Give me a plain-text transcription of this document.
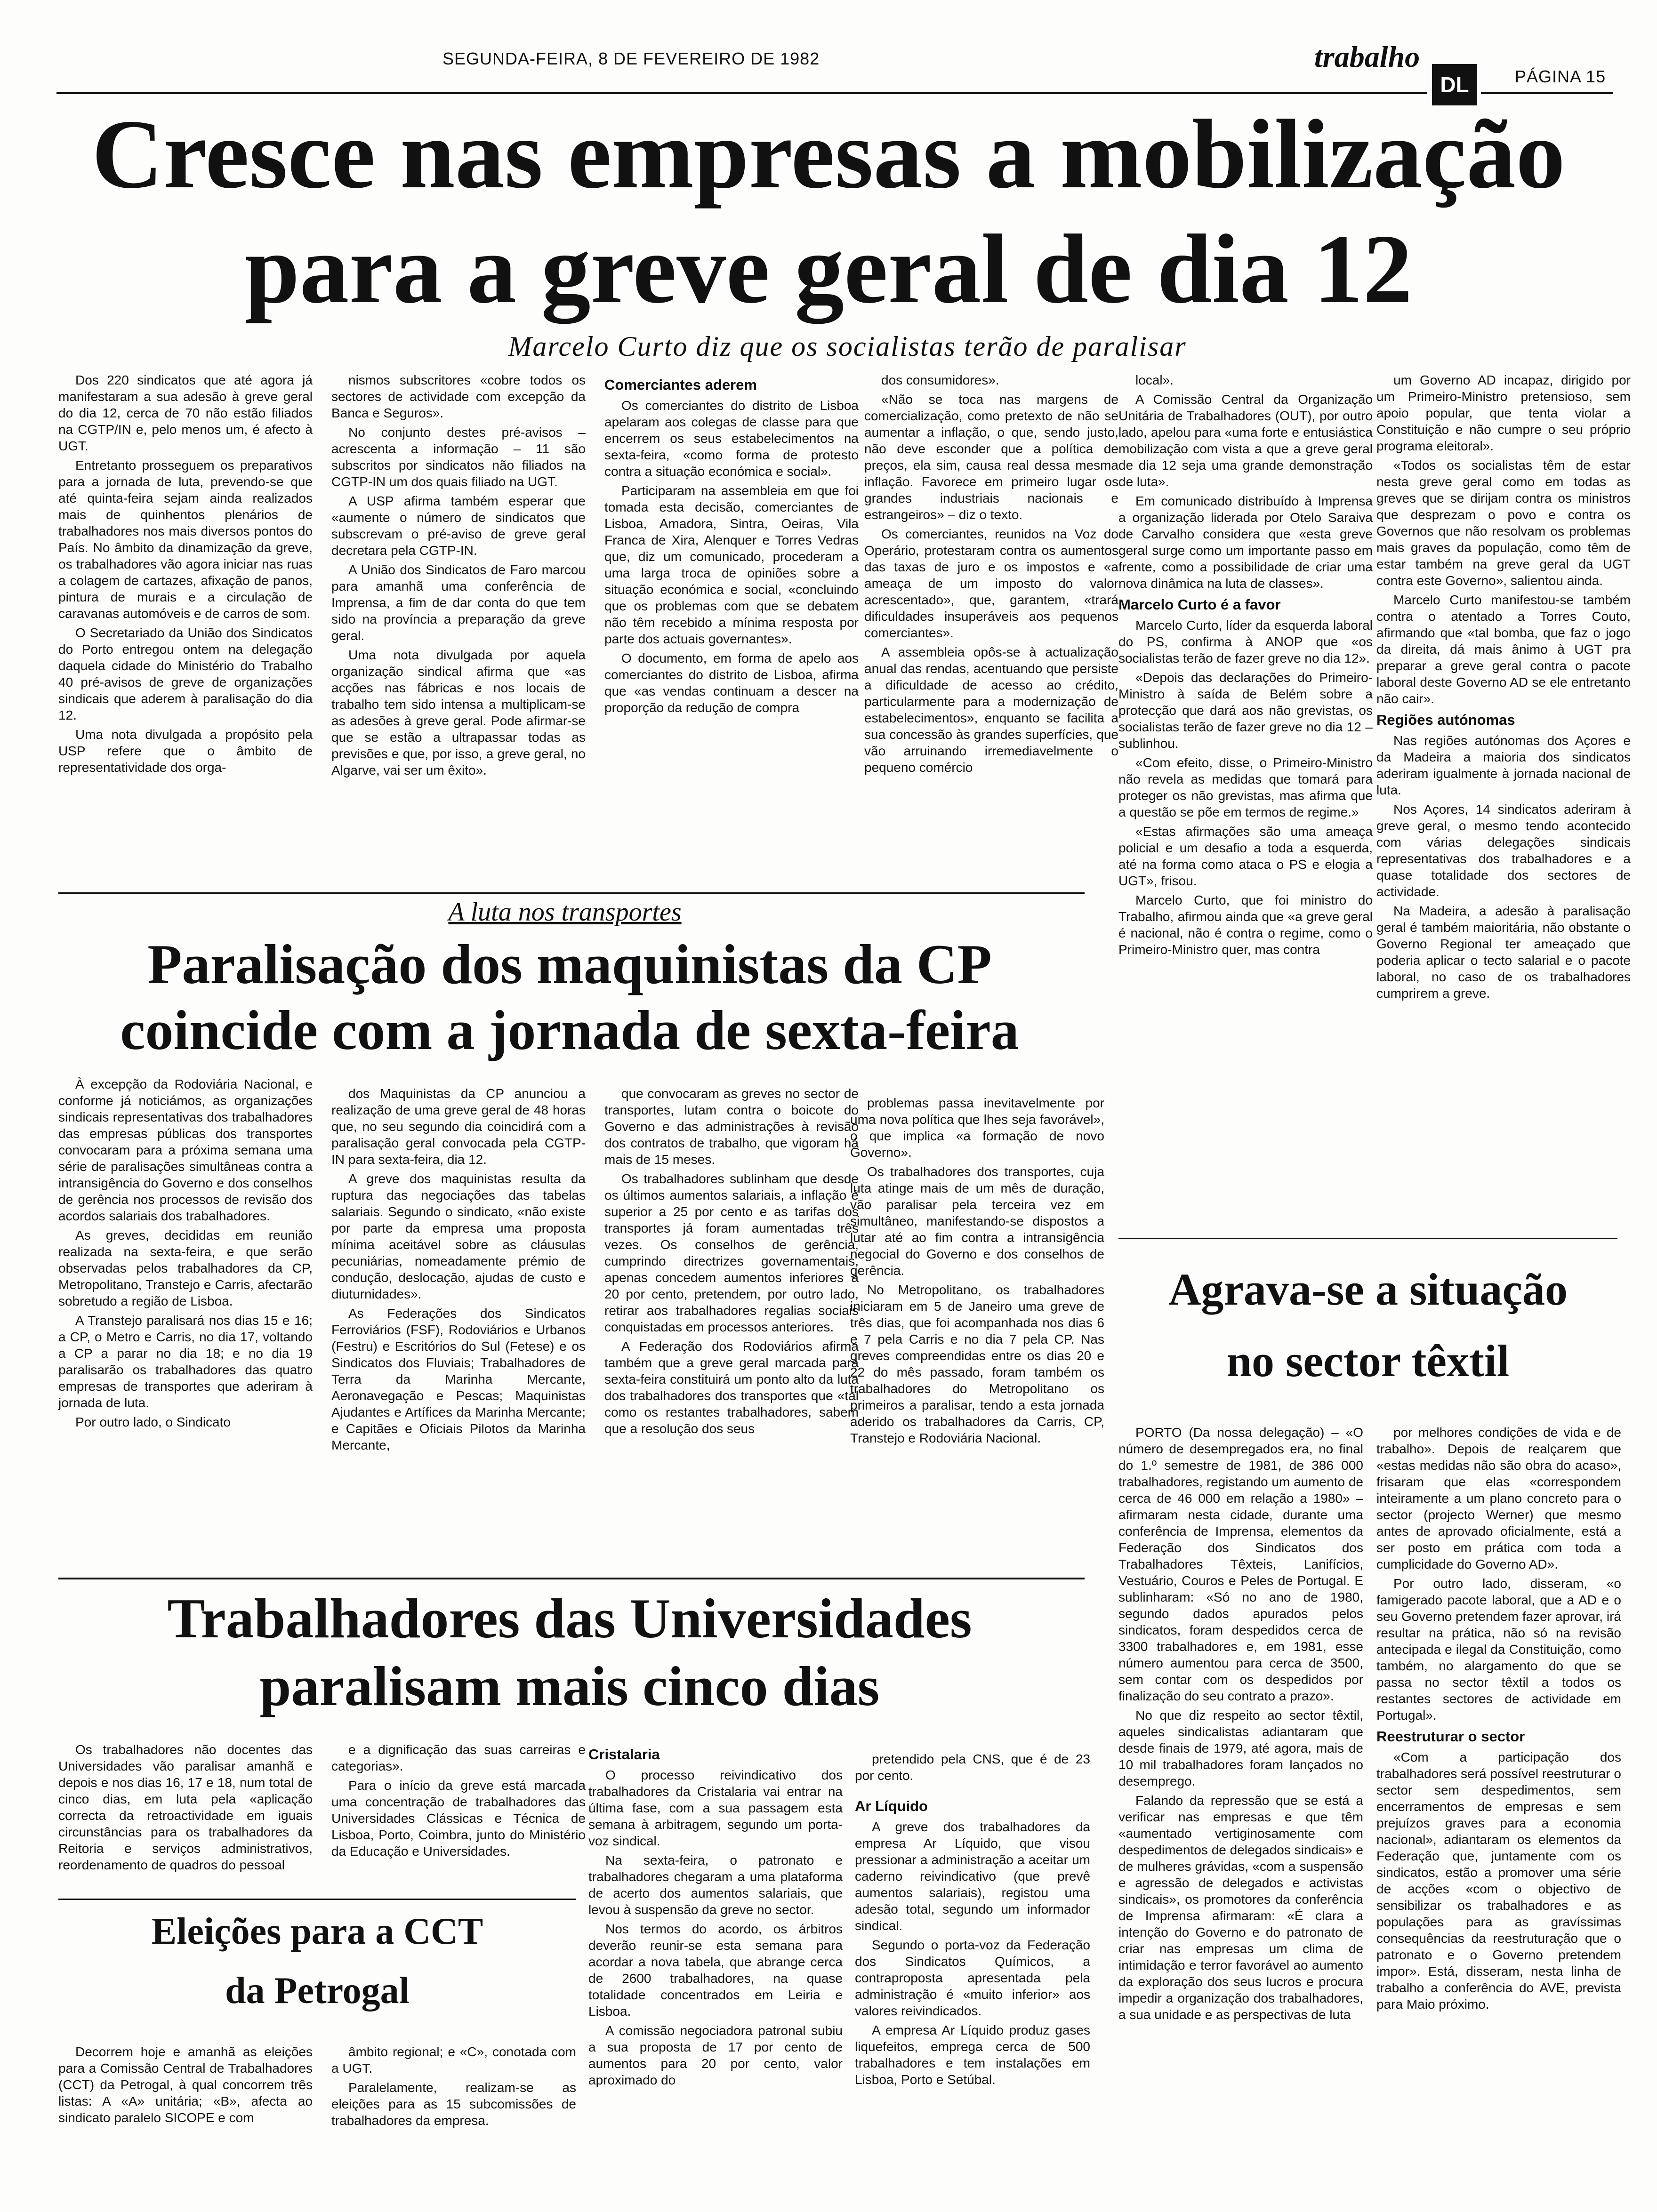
SEGUNDA-FEIRA, 8 DE FEVEREIRO DE 1982	trabalho
DL	PÁGINA 15
Cresce nas empresas a mobilização
para a greve geral de dia 12
Marcelo Curto diz que os socialistas terão de paralisar

Dos 220 sindicatos que até agora já manifestaram a sua adesão à greve geral do dia 12, cerca de 70 não estão filiados na CGTP/IN e, pelo menos um, é afecto à UGT.

Entretanto prosseguem os preparativos para a jornada de luta, prevendo-se que até quinta-feira sejam ainda realizados mais de quinhentos plenários de trabalhadores nos mais diversos pontos do País. No âmbito da dinamização da greve, os trabalhadores vão agora iniciar nas ruas a colagem de cartazes, afixação de panos, pintura de murais e a circulação de caravanas automóveis e de carros de som.

O Secretariado da União dos Sindicatos do Porto entregou ontem na delegação daquela cidade do Ministério do Trabalho 40 pré-avisos de greve de organizações sindicais que aderem à paralisação do dia 12.

Uma nota divulgada a propósito pela USP refere que o âmbito de representatividade dos orga-

nismos subscritores «cobre todos os sectores de actividade com excepção da Banca e Seguros».

No conjunto destes pré-avisos – acrescenta a informação – 11 são subscritos por sindicatos não filiados na CGTP-IN um dos quais filiado na UGT.

A USP afirma também esperar que «aumente o número de sindicatos que subscrevam o pré-aviso de greve geral decretara pela CGTP-IN.

A União dos Sindicatos de Faro marcou para amanhã uma conferência de Imprensa, a fim de dar conta do que tem sido na província a preparação da greve geral.

Uma nota divulgada por aquela organização sindical afirma que «as acções nas fábricas e nos locais de trabalho tem sido intensa a multiplicam-se as adesões à greve geral. Pode afirmar-se que se estão a ultrapassar todas as previsões e que, por isso, a greve geral, no Algarve, vai ser um êxito».

Comerciantes aderem

Os comerciantes do distrito de Lisboa apelaram aos colegas de classe para que encerrem os seus estabelecimentos na sexta-feira, «como forma de protesto contra a situação económica e social».

Participaram na assembleia em que foi tomada esta decisão, comerciantes de Lisboa, Amadora, Sintra, Oeiras, Vila Franca de Xira, Alenquer e Torres Vedras que, diz um comunicado, procederam a uma larga troca de opiniões sobre a situação económica e social, «concluindo que os problemas com que se debatem não têm recebido a mínima resposta por parte dos actuais governantes».

O documento, em forma de apelo aos comerciantes do distrito de Lisboa, afirma que «as vendas continuam a descer na proporção da redução de compra

dos consumidores».

«Não se toca nas margens de comercialização, como pretexto de não se aumentar a inflação, o que, sendo justo, não deve esconder que a política de preços, ela sim, causa real dessa mesma inflação. Favorece em primeiro lugar os grandes industriais nacionais e estrangeiros» – diz o texto.

Os comerciantes, reunidos na Voz do Operário, protestaram contra os aumentos das taxas de juro e os impostos e «a ameaça de um imposto do valor acrescentado», que, garantem, «trará dificuldades insuperáveis aos pequenos comerciantes».

A assembleia opôs-se à actualização anual das rendas, acentuando que persiste a dificuldade de acesso ao crédito, particularmente para a modernização de estabelecimentos», enquanto se facilita a sua concessão às grandes superfícies, que vão arruinando irremediavelmente o pequeno comércio

local».

A Comissão Central da Organização Unitária de Trabalhadores (OUT), por outro lado, apelou para «uma forte e entusiástica mobilização com vista a que a greve geral de dia 12 seja uma grande demonstração de luta».

Em comunicado distribuído à Imprensa a organização liderada por Otelo Saraiva de Carvalho considera que «esta greve geral surge como um importante passo em frente, como a possibilidade de criar uma nova dinâmica na luta de classes».

Marcelo Curto é a favor

Marcelo Curto, líder da esquerda laboral do PS, confirma à ANOP que «os socialistas terão de fazer greve no dia 12».

«Depois das declarações do Primeiro-Ministro à saída de Belém sobre a protecção que dará aos não grevistas, os socialistas terão de fazer greve no dia 12 – sublinhou.

«Com efeito, disse, o Primeiro-Ministro não revela as medidas que tomará para proteger os não grevistas, mas afirma que a questão se põe em termos de regime.»

«Estas afirmações são uma ameaça policial e um desafio a toda a esquerda, até na forma como ataca o PS e elogia a UGT», frisou.

Marcelo Curto, que foi ministro do Trabalho, afirmou ainda que «a greve geral é nacional, não é contra o regime, como o Primeiro-Ministro quer, mas contra

um Governo AD incapaz, dirigido por um Primeiro-Ministro pretensioso, sem apoio popular, que tenta violar a Constituição e não cumpre o seu próprio programa eleitoral».

«Todos os socialistas têm de estar nesta greve geral como em todas as greves que se dirijam contra os ministros que desprezam o povo e contra os Governos que não resolvam os problemas mais graves da população, como têm de estar também na greve geral da UGT contra este Governo», salientou ainda.

Marcelo Curto manifestou-se também contra o atentado a Torres Couto, afirmando que «tal bomba, que faz o jogo da direita, dá mais ânimo à UGT pra preparar a greve geral contra o pacote laboral deste Governo AD se ele entretanto não cair».

Regiões autónomas

Nas regiões autónomas dos Açores e da Madeira a maioria dos sindicatos aderiram igualmente à jornada nacional de luta.

Nos Açores, 14 sindicatos aderiram à greve geral, o mesmo tendo acontecido com várias delegações sindicais representativas dos trabalhadores e a quase totalidade dos sectores de actividade.

Na Madeira, a adesão à paralisação geral é também maioritária, não obstante o Governo Regional ter ameaçado que poderia aplicar o tecto salarial e o pacote laboral, no caso de os trabalhadores cumprirem a greve.

A luta nos transportes
Paralisação dos maquinistas da CP
coincide com a jornada de sexta-feira

À excepção da Rodoviária Nacional, e conforme já noticiámos, as organizações sindicais representativas dos trabalhadores das empresas públicas dos transportes convocaram para a próxima semana uma série de paralisações simultâneas contra a intransigência do Governo e dos conselhos de gerência nos processos de revisão dos acordos salariais dos trabalhadores.

As greves, decididas em reunião realizada na sexta-feira, e que serão observadas pelos trabalhadores da CP, Metropolitano, Transtejo e Carris, afectarão sobretudo a região de Lisboa.

A Transtejo paralisará nos dias 15 e 16; a CP, o Metro e Carris, no dia 17, voltando a CP a parar no dia 18; e no dia 19 paralisarão os trabalhadores das quatro empresas de transportes que aderiram à jornada de luta.

Por outro lado, o Sindicato

dos Maquinistas da CP anunciou a realização de uma greve geral de 48 horas que, no seu segundo dia coincidirá com a paralisação geral convocada pela CGTP-IN para sexta-feira, dia 12.

A greve dos maquinistas resulta da ruptura das negociações das tabelas salariais. Segundo o sindicato, «não existe por parte da empresa uma proposta mínima aceitável sobre as cláusulas pecuniárias, nomeadamente prémio de condução, deslocação, ajudas de custo e diuturnidades».

As Federações dos Sindicatos Ferroviários (FSF), Rodoviários e Urbanos (Festru) e Escritórios do Sul (Fetese) e os Sindicatos dos Fluviais; Trabalhadores de Terra da Marinha Mercante, Aeronavegação e Pescas; Maquinistas Ajudantes e Artífices da Marinha Mercante; e Capitães e Oficiais Pilotos da Marinha Mercante,

que convocaram as greves no sector de transportes, lutam contra o boicote do Governo e das administrações à revisão dos contratos de trabalho, que vigoram há mais de 15 meses.

Os trabalhadores sublinham que desde os últimos aumentos salariais, a inflação é superior a 25 por cento e as tarifas dos transportes já foram aumentadas três vezes. Os conselhos de gerência, cumprindo directrizes governamentais, apenas concedem aumentos inferiores a 20 por cento, pretendem, por outro lado, retirar aos trabalhadores regalias sociais conquistadas em processos anteriores.

A Federação dos Rodoviários afirma também que a greve geral marcada para sexta-feira constituirá um ponto alto da luta dos trabalhadores dos transportes que «tal como os restantes trabalhadores, sabem que a resolução dos seus

problemas passa inevitavelmente por uma nova política que lhes seja favorável», o que implica «a formação de novo Governo».

Os trabalhadores dos transportes, cuja luta atinge mais de um mês de duração, vão paralisar pela terceira vez em simultâneo, manifestando-se dispostos a lutar até ao fim contra a intransigência negocial do Governo e dos conselhos de gerência.

No Metropolitano, os trabalhadores iniciaram em 5 de Janeiro uma greve de três dias, que foi acompanhada nos dias 6 e 7 pela Carris e no dia 7 pela CP. Nas greves compreendidas entre os dias 20 e 22 do mês passado, foram também os trabalhadores do Metropolitano os primeiros a paralisar, tendo a esta jornada aderido os trabalhadores da Carris, CP, Transtejo e Rodoviária Nacional.

Agrava-se a situação
no sector têxtil

PORTO (Da nossa delegação) – «O número de desempregados era, no final do 1.º semestre de 1981, de 386 000 trabalhadores, registando um aumento de cerca de 46 000 em relação a 1980» – afirmaram nesta cidade, durante uma conferência de Imprensa, elementos da Federação dos Sindicatos dos Trabalhadores Têxteis, Lanifícios, Vestuário, Couros e Peles de Portugal. E sublinharam: «Só no ano de 1980, segundo dados apurados pelos sindicatos, foram despedidos cerca de 3300 trabalhadores e, em 1981, esse número aumentou para cerca de 3500, sem contar com os despedidos por finalização do seu contrato a prazo».

No que diz respeito ao sector têxtil, aqueles sindicalistas adiantaram que desde finais de 1979, até agora, mais de 10 mil trabalhadores foram lançados no desemprego.

Falando da repressão que se está a verificar nas empresas e que têm «aumentado vertiginosamente com despedimentos de delegados sindicais» e de mulheres grávidas, «com a suspensão e agressão de delegados e activistas sindicais», os promotores da conferência de Imprensa afirmaram: «É clara a intenção do Governo e do patronato de criar nas empresas um clima de intimidação e terror favorável ao aumento da exploração dos seus lucros e procura impedir a organização dos trabalhadores, a sua unidade e as perspectivas de luta

por melhores condições de vida e de trabalho». Depois de realçarem que «estas medidas não são obra do acaso», frisaram que elas «correspondem inteiramente a um plano concreto para o sector (projecto Werner) que mesmo antes de aprovado oficialmente, está a ser posto em prática com toda a cumplicidade do Governo AD».

Por outro lado, disseram, «o famigerado pacote laboral, que a AD e o seu Governo pretendem fazer aprovar, irá resultar na prática, não só na revisão antecipada e ilegal da Constituição, como também, no alargamento do que se passa no sector têxtil a todos os restantes sectores de actividade em Portugal».

Reestruturar o sector

«Com a participação dos trabalhadores será possível reestruturar o sector sem despedimentos, sem encerramentos de empresas e sem prejuízos graves para a economia nacional», adiantaram os elementos da Federação que, juntamente com os sindicatos, estão a promover uma série de acções «com o objectivo de sensibilizar os trabalhadores e as populações para as gravíssimas consequências da reestruturação que o patronato e o Governo pretendem impor». Está, disseram, nesta linha de trabalho a conferência do AVE, prevista para Maio próximo.

Trabalhadores das Universidades
paralisam mais cinco dias

Os trabalhadores não docentes das Universidades vão paralisar amanhã e depois e nos dias 16, 17 e 18, num total de cinco dias, em luta pela «aplicação correcta da retroactividade em iguais circunstâncias para os trabalhadores da Reitoria e serviços administrativos, reordenamento de quadros do pessoal

e a dignificação das suas carreiras e categorias».

Para o início da greve está marcada uma concentração de trabalhadores das Universidades Clássicas e Técnica de Lisboa, Porto, Coimbra, junto do Ministério da Educação e Universidades.

Cristalaria

O processo reivindicativo dos trabalhadores da Cristalaria vai entrar na última fase, com a sua passagem esta semana à arbitragem, segundo um porta-voz sindical.

Na sexta-feira, o patronato e trabalhadores chegaram a uma plataforma de acerto dos aumentos salariais, que levou à suspensão da greve no sector.

Nos termos do acordo, os árbitros deverão reunir-se esta semana para acordar a nova tabela, que abrange cerca de 2600 trabalhadores, na quase totalidade concentrados em Leiria e Lisboa.

A comissão negociadora patronal subiu a sua proposta de 17 por cento de aumentos para 20 por cento, valor aproximado do

pretendido pela CNS, que é de 23 por cento.

Ar Líquido

A greve dos trabalhadores da empresa Ar Líquido, que visou pressionar a administração a aceitar um caderno reivindicativo (que prevê aumentos salariais), registou uma adesão total, segundo um informador sindical.

Segundo o porta-voz da Federação dos Sindicatos Químicos, a contraproposta apresentada pela administração é «muito inferior» aos valores reivindicados.

A empresa Ar Líquido produz gases liquefeitos, emprega cerca de 500 trabalhadores e tem instalações em Lisboa, Porto e Setúbal.

Eleições para a CCT
da Petrogal

Decorrem hoje e amanhã as eleições para a Comissão Central de Trabalhadores (CCT) da Petrogal, à qual concorrem três listas: A «A» unitária; «B», afecta ao sindicato paralelo SICOPE e com

âmbito regional; e «C», conotada com a UGT.

Paralelamente, realizam-se as eleições para as 15 subcomissões de trabalhadores da empresa.
